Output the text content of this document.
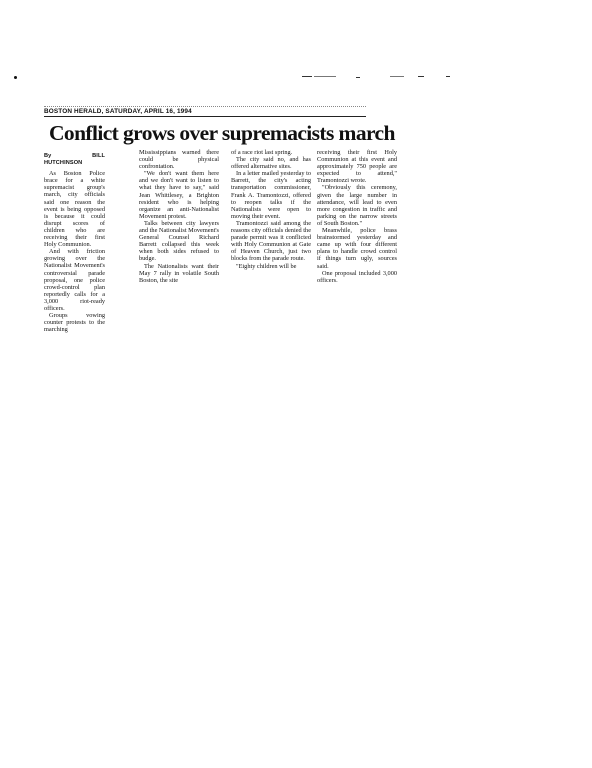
BOSTON HERALD, SATURDAY, APRIL 16, 1994
Conflict grows over supremacists march

By BILL HUTCHINSON

As Boston Police brace for a white supremacist group's march, city officials said one reason the event is being opposed is because it could disrupt scores of children who are receiving their first Holy Communion.

And with friction growing over the Nationalist Movement's controversial parade proposal, one police crowd-control plan reportedly calls for a 3,000 riot-ready officers.

Groups vowing counter protests to the marching

Mississippians warned there could be physical confrontation.

"We don't want them here and we don't want to listen to what they have to say," said Jean Whittlesey, a Brighton resident who is helping organize an anti-Nationalist Movement protest.

Talks between city lawyers and the Nationalist Movement's General Counsel Richard Barrett collapsed this week when both sides refused to budge.

The Nationalists want their May 7 rally in volatile South Boston, the site

of a race riot last spring.

The city said no, and has offered alternative sites.

In a letter mailed yesterday to Barrett, the city's acting transportation commissioner, Frank A. Tramontozzi, offered to reopen talks if the Nationalists were open to moving their event.

Tramontozzi said among the reasons city officials denied the parade permit was it conflicted with Holy Communion at Gate of Heaven Church, just two blocks from the parade route.

"Eighty children will be

receiving their first Holy Communion at this event and approximately 750 people are expected to attend," Tramontozzi wrote.

"Obviously this ceremony, given the large number in attendance, will lead to even more congestion in traffic and parking on the narrow streets of South Boston."

Meanwhile, police brass brainstormed yesterday and came up with four different plans to handle crowd control if things turn ugly, sources said.

One proposal included 3,000 officers.
